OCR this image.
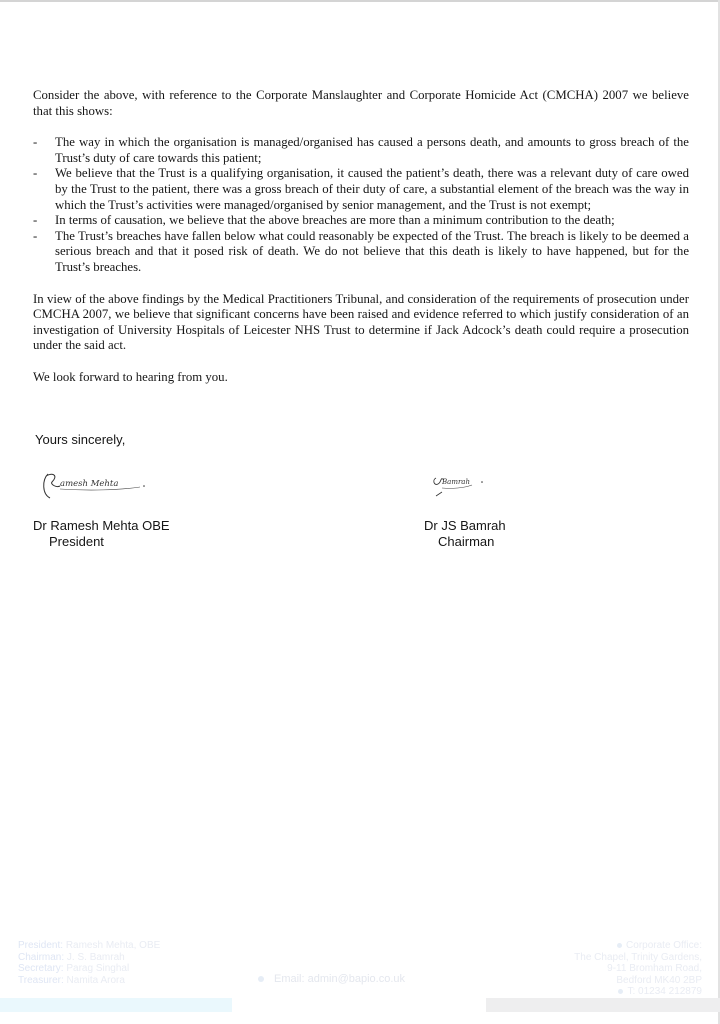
Consider the above, with reference to the Corporate Manslaughter and Corporate Homicide Act (CMCHA) 2007 we believe that this shows:

- The way in which the organisation is managed/organised has caused a persons death, and amounts to gross breach of the Trust’s duty of care towards this patient;
- We believe that the Trust is a qualifying organisation, it caused the patient’s death, there was a relevant duty of care owed by the Trust to the patient, there was a gross breach of their duty of care, a substantial element of the breach was the way in which the Trust’s activities were managed/organised by senior management, and the Trust is not exempt;
- In terms of causation, we believe that the above breaches are more than a minimum contribution to the death;
- The Trust’s breaches have fallen below what could reasonably be expected of the Trust. The breach is likely to be deemed a serious breach and that it posed risk of death. We do not believe that this death is likely to have happened, but for the Trust’s breaches.

In view of the above findings by the Medical Practitioners Tribunal, and consideration of the requirements of prosecution under CMCHA 2007, we believe that significant concerns have been raised and evidence referred to which justify consideration of an investigation of University Hospitals of Leicester NHS Trust to determine if Jack Adcock’s death could require a prosecution under the said act.

We look forward to hearing from you.

Yours sincerely,
amesh Mehta	Bamrah
Dr Ramesh Mehta OBE
President
Dr JS Bamrah
Chairman
President: Ramesh Mehta, OBE
Chairman: J. S. Bamrah
Secretary: Parag Singhal
Treasurer: Namita Arora	Email: admin@bapio.co.uk
Corporate Office:
The Chapel, Trinity Gardens,
9-11 Bromham Road,
Bedford MK40 2BP
T: 01234 212879
